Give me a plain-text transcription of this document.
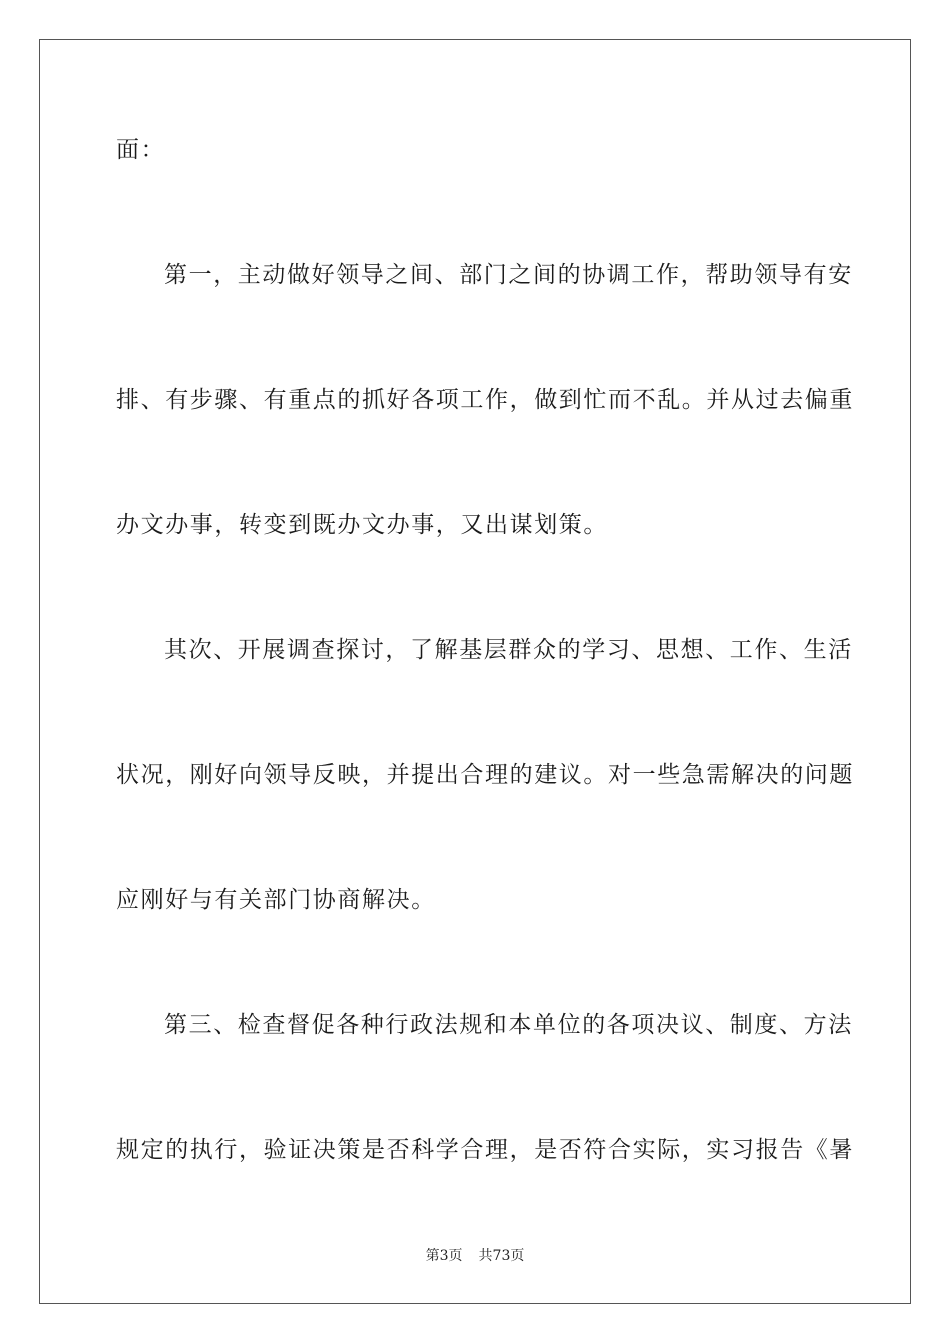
面：
第一，主动做好领导之间、部门之间的协调工作，帮助领导有安
排、有步骤、有重点的抓好各项工作，做到忙而不乱。并从过去偏重
办文办事，转变到既办文办事，又出谋划策。
其次、开展调查探讨，了解基层群众的学习、思想、工作、生活
状况，刚好向领导反映，并提出合理的建议。对一些急需解决的问题
应刚好与有关部门协商解决。
第三、检查督促各种行政法规和本单位的各项决议、制度、方法
规定的执行，验证决策是否科学合理，是否符合实际，实习报告《暑
第3页 共73页
